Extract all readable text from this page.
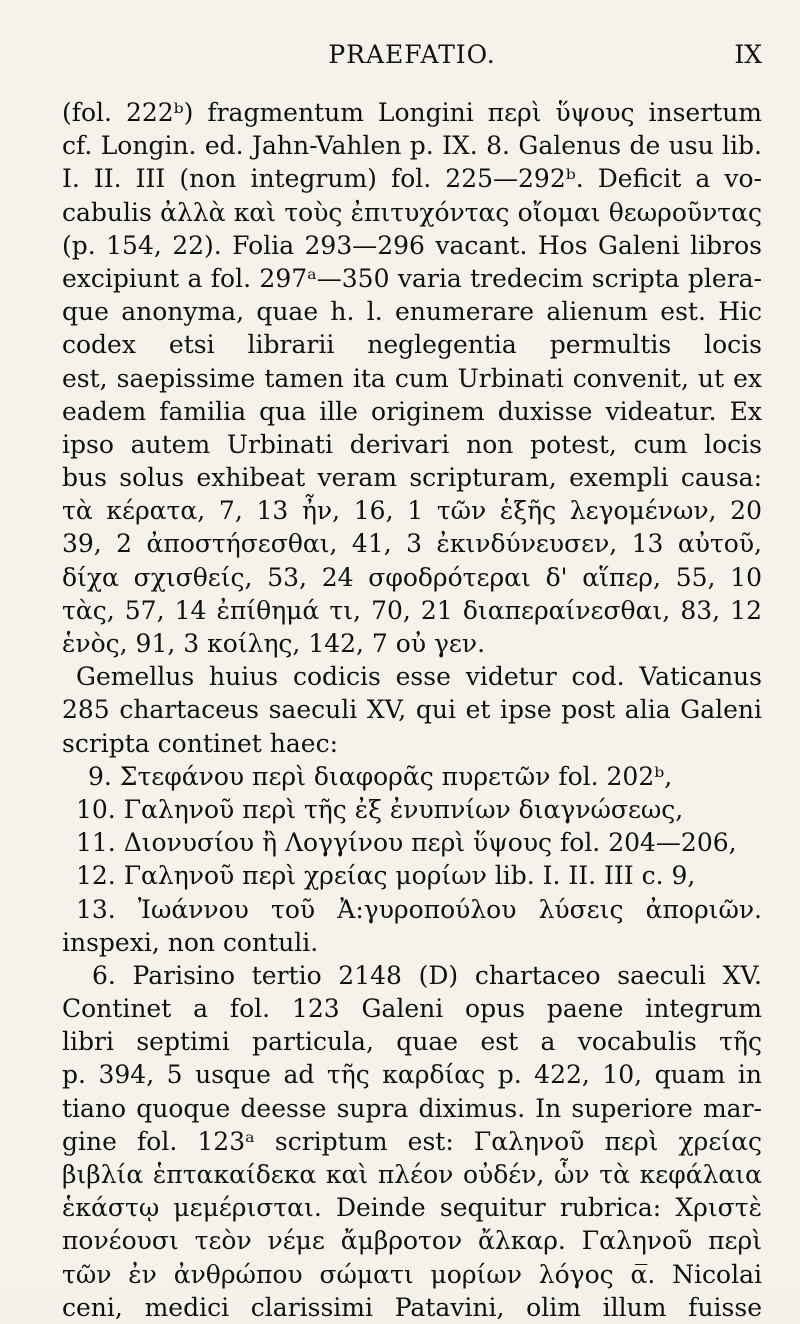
PRAEFATIO.	IX
(fol. 222ᵇ) fragmentum Longini περὶ ὕψους insertum
cf. Longin. ed. Jahn-Vahlen p. IX. 8. Galenus de usu lib.
I. II. III (non integrum) fol. 225—292ᵇ. Deficit a vo-
cabulis ἀλλὰ καὶ τοὺς ἐπιτυχόντας οἴομαι θεωροῦντας
(p. 154, 22). Folia 293—296 vacant. Hos Galeni libros
excipiunt a fol. 297ᵃ—350 varia tredecim scripta plera-
que anonyma, quae h. l. enumerare alienum est. Hic
codex etsi librarii neglegentia permultis locis
est, saepissime tamen ita cum Urbinati convenit, ut ex
eadem familia qua ille originem duxisse videatur. Ex
ipso autem Urbinati derivari non potest, cum locis
bus solus exhibeat veram scripturam, exempli causa:
τὰ κέρατα, 7, 13 ἦν, 16, 1 τῶν ἑξῆς λεγομένων, 20
39, 2 ἀποστήσεσθαι, 41, 3 ἐκινδύνευσεν, 13 αὐτοῦ,
δίχα σχισθείς, 53, 24 σφοδρότεραι δ' αἵπερ, 55, 10
τὰς, 57, 14 ἐπίθημά τι, 70, 21 διαπεραίνεσθαι, 83, 12
ἑνὸς, 91, 3 κοίλης, 142, 7 οὐ γεν.
Gemellus huius codicis esse videtur cod. Vaticanus
285 chartaceus saeculi XV, qui et ipse post alia Galeni
scripta continet haec:
9. Στεφάνου περὶ διαφορᾶς πυρετῶν fol. 202ᵇ,
10. Γαληνοῦ περὶ τῆς ἐξ ἐνυπνίων διαγνώσεως,
11. Διονυσίου ἢ Λογγίνου περὶ ὕψους fol. 204—206,
12. Γαληνοῦ περὶ χρείας μορίων lib. I. II. III c. 9,
13. Ἰωάννου τοῦ Ἀ:γυροπούλου λύσεις ἀποριῶν.
inspexi, non contuli.
6. Parisino tertio 2148 (D) chartaceo saeculi XV.
Continet a fol. 123 Galeni opus paene integrum
libri septimi particula, quae est a vocabulis τῆς
p. 394, 5 usque ad τῆς καρδίας p. 422, 10, quam in
tiano quoque deesse supra diximus. In superiore mar-
gine fol. 123ᵃ scriptum est: Γαληνοῦ περὶ χρείας
βιβλία ἑπτακαίδεκα καὶ πλέον οὐδέν, ὧν τὰ κεφάλαια
ἑκάστῳ μεμέρισται. Deinde sequitur rubrica: Χριστὲ
πονέουσι τεὸν νέμε ἄμβροτον ἄλκαρ. Γαληνοῦ περὶ
τῶν ἐν ἀνθρώπου σώματι μορίων λόγος α̅. Nicolai
ceni, medici clarissimi Patavini, olim illum fuisse
